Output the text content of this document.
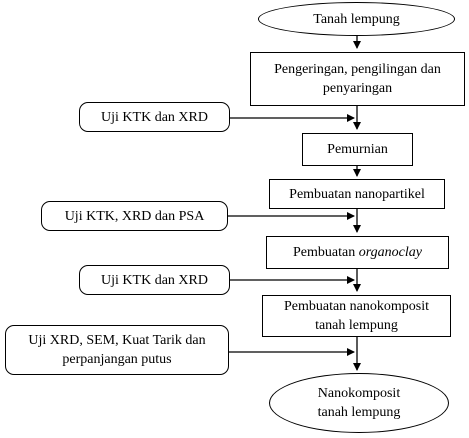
Tanah lempung
Pengeringan, pengilingan dan
penyaringan
Pemurnian
Pembuatan nanopartikel
Pembuatan organoclay
Pembuatan nanokomposit
tanah lempung
Nanokomposit
tanah lempung
Uji KTK dan XRD
Uji KTK, XRD dan PSA
Uji KTK dan XRD
Uji XRD, SEM, Kuat Tarik dan
perpanjangan putus
